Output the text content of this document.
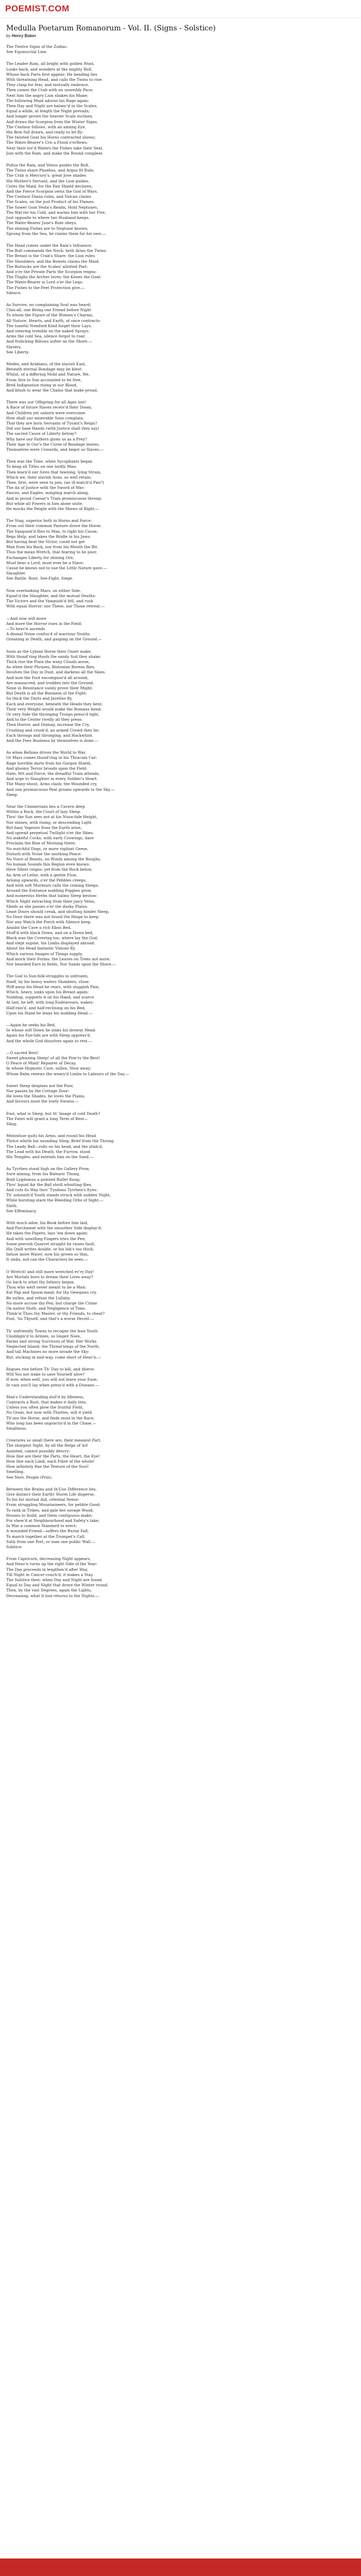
POEMIST.COM
Medulla Poetarum Romanorum - Vol. II. (Signs - Solstice)
by Henry Baker
The Twelve Signs of the Zodiac.
See Equinoctial Line.
The Leader Ram, all bright with golden Wool,
Looks back, and wonders at the mighty Bull,
Whose back Parts first appear: He bending lies
With threatning Head, and calls the Twins to rise:
They clasp for fear, and mutually embrace,
Then comes the Crab with an unweildy Pace;
Next him the angry Lion shakes his Mane;
The following Maid adorns his Rage again:
Then Day and Night are balanc'd in the Scales;
Equal a while, at length the Night prevails;
And longer grown the heavier Scale inclines,
And draws the Scorpion from the Winter Signs.
The Centaur follows, with an aiming Eye,
His Bow full drawn, and ready to let fly:
The twisted Goat his Horns contracted shows;
The Water-Bearer's Urn a Flood o'erflows:
Next their lov'd Waters the Fishes take their Seat,
Join with the Ram, and make the Round compleat.
Pollux the Ram, and Venus guides the Bull,
The Twins share Phoebus, and Argus fit Rule:
The Crab is Mercury's; great Jove shades
His Mother's Servant, and the Lion guides.
Ceres the Maid, for the Fair Shield declares;
And the Fierce Scorpion owns the God of Wars.
The Centaur Diana rules, and Vulcan claims
The Scales, on the just Product of his Flames.
The Sower Goat Vesta's Realm, Hold Neptunes,
The Wat'rer his Cold, and warms him with her Fire,
Just opposite to where her Husband keeps.
The Water-Bearer June's Rule obeys,
The shining Fishes are to Neptune known,
Sprung from the Sea, he claims them for his own.—
The Head comes under the Ram's Influence;
The Bull commands the Neck: both Arms the Twins:
The Breast is the Crab's Share: the Lion rules
The Shoulders; and the Bowels claims the Maid:
The Buttocks are the Scales' allotted Part:
And o'er the Private Parts the Scorpion reigns:
The Thighs the Archer loves: the Knees the Goat:
The Water-Bearer is Lord o'er the Legs:
The Fishes to the Feet Protection give.—
Silence.
As Survive, no complaining Soul was heard:
Chin-all, one Being one Friend before Night
To whom the Figure of the Women's Charms,
All Nature, Hearts, and Earth, at once contracts:
The tuneful Nemford Kind forget their Lays,
And steering tremble on the naked Sprays:
Arms the cold Sea, silence forgot to roar,
And frolicking Billows softer on the Shore.—
Slavery.
See Liberty.
Medes, and Arabians, of the slavish East,
Beneath eternal Bondage may be blest:
Whilst, of a differing Mold and Nature, We,
From Sire to Son accounted to be free,
Bred Indignation rising in our Blood,
And blush to wear the Chains that make proud.
There was our Offspring for all Ages lost!
A Race of future Slaves receiv'd their Doom,
And Children yet unborn were overcome.
How shall our miserable Sons complain,
That they are born Servants of Tyrant's Reign?
Did our base Hands (with Justice shall they say)
The sacred Cause of Liberty betray?
Why have our Fathers given us as a Prey?
Their Age to Our's the Curse of Bondage leaves;
Themselves were Cowards, and begot us Slaves.—
Then was the Time, when Sycophants began
To heap all Titles on one lordly Man:
Then learn'd our Sires that fawning, lying Strain,
Which we, their slavish Sons, so well retain;
Then, first, were seen to join, (an ill-match'd Pair!)
The Ax of Justice with the Sword of War:
Fasces, and Eagles, mingling march along,
And in proud Caesar's Train promiscuous throng:
But while all Powers in him alone unite,
He mocks the People with the Shews of Right.—
The Stag, superior both in Horns and Force,
From out their common Pasture drove the Horse.
The Vanquish'd flies to Man, to right his Cause,
Begs Help, and takes the Bridle in his Jaws:
But having beat the Victor, could not get
Man from his Back, nor from his Mouth the Bit.
Thus the mean Wretch, that fearing to be poor,
Exchanges Liberty for shining Ore,
Must bear a Lord, must ever be a Slave;
Cause he knows not to use the Little Nature gave.—
Slaughter.
See Battle. Rout. See-Fight. Siege.
Now overlooking Mars, on either Side,
Equal'd the Slaughter, and the mutual Deaths:
The Victors and the Vanquish'd fell, and rush
With equal Horror: nor These, nor Those retreat.—
—And now will more
And more the Horror rises in the Field:
—To heav'n ascends
A dismal Noise confus'd of warriour Youths
Groaning in Death, and gasping on the Ground.—
Soon as the Lybian Horse their Onset make,
With thund'ring Hoofs the sandy Soil they shake:
Thick rise the Plain the waxy Clouds arose,
As when their Phrases, Bistonian Boreas flies,
Involves the Day in Dust, and darkens all the Skies.
And now the Foot encompass'd all around,
Are massacred, and trodden into the Ground.
None in Resistance vainly prove their Might;
But Death is all the Business of the Fight:
So thick the Darts and Javelins fly,
Each and everyone, beneath the Heads they bent.
Their very Weight would make the Romans bend;
Or very Side the thronging Troops press'd tight,
And to the Center rivelly all they press:
Then Horror, and Dismay, increase the Cry,
Crushing and crush'd, an armed Crowd they lie;
Each throngs and thronging, and Hackwhist.
And the Foes Business by themselves is done.—
As when Bellona drives the World to War,
Or Mars comes thund'ring in his Thracian Car:
Rage horrible darts from his Gorgon Shield,
And gloomy Terror broods upon the Field.
Hate, Wit and Force, the dreadful Train attends,
And urge to Slaughter in every Soldier's Heart.
The Many-shout, Arms clash; the Wounded cry,
And one promiscuous Peal groans upwards to the Sky.—
Sleep.
Near the Cimmerians lies a Cavern deep
Within a Rock, the Court of lazy Sleep.
Thro' the Sun sees not at his Noon-tide Height,
Nor shines, with rising, or descending Light
But hazy Vapours from the Earth arise,
And spread perpetual Twilight o'er the Skies.
No wakeful Cocks, with early Crowings, dare
Proclaim the Rise of Morning there;
No watchful Dogs, or more vigilant Geese,
Disturb with Noise the soothing Peace:
No Voice of Beasts, no Winds among the Boughs,
No human Sounds this Region even knows:
Here Silent reigns: yet from the Rock below,
An Arm of Lethe, with a gentle Flow,
Arising upwards, o'er the Pebbles creeps,
And with soft Murmurs calls the coming Sleeps.
Around the Entrance nodding Poppies grow,
And numerous Herbs that balmy Sleep bestow:
Which Night extracting from their juicy Veins,
Sheds as she passes o'er the dusky Plains.
Least Doors should creak, and shutting hinder Sleep,
No Door there was not found the Hinge to keep.
Nor any Watch the Porch with Silence keep.
Amidst the Cave a rich Ebon Bed,
Stuff'd with black Down, and on a Down bed,
Black was the Covering too, where lay the God,
And slept supine, his Limbs displayed abroad:
About his Head fantastic Visions fly,
Which various Images of Things supply,
And mock their Forms; the Leaves on Trees not more,
Nor bearded Ears in fields, Nor Sands upon the Shore.—
The God to Sun-folk-struggles in unfrozen,
Itself, by his heavy waters Slumbers, close:
Wiff-away his Head he rears, with sluggish Pain,
Which, heavy, sinks upon his Breast again:
Nodding, supports it on his Hand, and scarce
At last, he left, with long Endeavours, wakes:
Half-rais'd, and half-reclining on his Bed,
Upon his Hand he leans his nodding Head.—
—Again he seeks his Bed,
In whose soft Down he sinks his drowsy Head:
Again his Eye-lids are with Sleep oppress'd,
And the whole God dissolves again to rest.—
—O sacred Rest!
Sweet pleasing Sleep! of all the Pow'rs the Best!
O Peace of Mind! Repairer of Decay,
In whose Hypnotic Cure, sullen, Slow away;
Whom Balm renews the weary'd Limbs to Labours of the Day.—
Sweet Sleep despises not the Poor,
Nor passes by the Cottage Door:
He loves the Shades, he loves the Plains,
And favours most the lowly Swains.—
Fool, what is Sleep, but th' Image of cold Death?
The Fates will grant a long Term of Rest—
Sling.
Melonfuse quits his Arms, and round his Head
Thrice whirls his sounding Sling; Brief from the Throng
The Leady Ball—rolls on his head, and the slink'd,
The Lead with his Death; the Furrow, stood
His Temples, and extends him on the Sand.—
As Tyrrhen stood high on the Gallery Prow,
Sure aiming, from his Balearic Thong,
Bold Lygdamus a pointed Bullet flung;
Thro' liquid Air the Ball shrill whistling flies,
And cuts its Way thro' Tyndons Tyrrhen's Eyes:
Th' astonish'd Youth stands struck with sudden Night,
While bursting stare the Bleeding Orbs of Sight.—
Sloth.
See Effeminacy.
With much adoe, his Book before him laid,
And Parchment with the smoother Side display'd;
He takes the Papers; lays 'em down again:
And with unwilling Fingers tries the Pen;
Some peevish Quarrel straight he raises fault,
His Quill writes double, or his Ink's too thick;
Infuse more Water; now his grown so thin,
It sinks, not can the Characters be seen.—
O Wretch! and still more wretched ev'ry Day!
Are Mortals born to dream their Lives away?
Go back to what thy Infancy began,
Thou who wert never meant to be a Man:
Eat Pap and Spoon-meat; for thy Gewgaws cry,
Be sullen, and refuse the Lullaby.
No more accuse thy Pen; but charge the Crime
On native Sloth, and Negligence of Time.
Think'st Thou thy Master, or thy Friends, to cheat?
Fool, 'tis Thyself, and that's a worse Deceit.—
Th' unfriendly Towns to recogne the lean Youth
Unobligin'd to Armies, so longer Noes,
Farms and strong Survivors of War. Her Works
Neglected Island; the Threat'nings of the North,
And tall Machines no more invade the Sky:
But, sticking in mid-way, come short of Heav'n.—
Rogues rise before Th' Day to kill, and thieve:
Will You not wake to save Yourself alive?
If now, when well, you will not leave your Ease,
In vain you'll lay when press'd with a Disease.—
Man's Understanding dull'd by Idleness,
Contracts a Rust, that makes it daily less;
Unless you often plow the fruitful Field,
No Grain, but now with Thistles, will it yield.
Th'uns the Horse, and finds most in the Race,
Who long has been unpractis'd in the Chase.—
Smallness.
Creatures so small there are, their meanest Part,
The sharpest Sight, by all the Helps of Art
Assisted, cannot possibly descry:
How fine are their the Parts, the Heart, the Eye!
How fine each Limb, each Fibre of the whole!
How infinitely fine the Texture of the Soul!
Smelling.
See Nerv. People (Prin).
Between the Brains and th'Uos Difference lies,
Give distinct their Earth! Storm Life disperse,
To his for mutual Aid, celestial Sense:
From struggling Mountaineers, for pebble Good;
To rank in Tribes, and gale her savage Wood;
Houses to build, and them contiguous make;
For shew'd at Neighbourhood and Safety's take;
In War a common Standard to erect;
A wounded Friend—suffers the Burial Fall;
To march together at the Trumpet's Call,
Sally from one Port, or man one public Wall.—
Solstice.
From Capricorn, decreasing Night appears,
And Heav'n turns up the right Side of the Year:
The Day proceeds in lengthen'd after Way,
Till Night in Cancer-couch'd, it makes a Stay.
The Solstice then: when Day and Night are found
Equal to Day and Night that drove the Winter round.
Then, by the vast Degrees, again the Lights,
Decreasing, what it lost returns to the Nights.—
